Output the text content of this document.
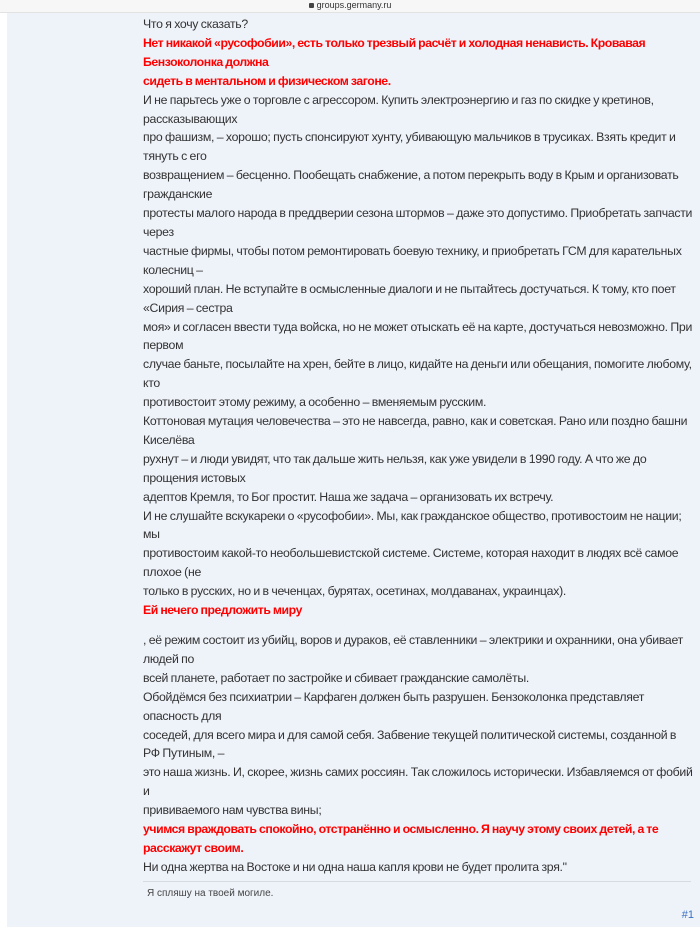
groups.germany.ru
Что я хочу сказать?
Нет никакой «русофобии», есть только трезвый расчёт и холодная ненависть. Кровавая Бензоколонка должна
сидеть в ментальном и физическом загоне.
И не парьтесь уже о торговле с агрессором. Купить электроэнергию и газ по скидке у кретинов, рассказывающих
про фашизм, – хорошо; пусть спонсируют хунту, убивающую мальчиков в трусиках. Взять кредит и тянуть с его
возвращением – бесценно. Пообещать снабжение, а потом перекрыть воду в Крым и организовать гражданские
протесты малого народа в преддверии сезона штормов – даже это допустимо. Приобретать запчасти через
частные фирмы, чтобы потом ремонтировать боевую технику, и приобретать ГСМ для карательных колесниц –
хороший план. Не вступайте в осмысленные диалоги и не пытайтесь достучаться. К тому, кто поет «Сирия – сестра
моя» и согласен ввести туда войска, но не может отыскать её на карте, достучаться невозможно. При первом
случае баньте, посылайте на хрен, бейте в лицо, кидайте на деньги или обещания, помогите любому, кто
противостоит этому режиму, а особенно – вменяемым русским.
Коттоновая мутация человечества – это не навсегда, равно, как и советская. Рано или поздно башни Киселёва
рухнут – и люди увидят, что так дальше жить нельзя, как уже увидели в 1990 году. А что же до прощения истовых
адептов Кремля, то Бог простит. Наша же задача – организовать их встречу.
И не слушайте вскукареки о «русофобии». Мы, как гражданское общество, противостоим не нации; мы
противостоим какой-то необольшевистской системе. Системе, которая находит в людях всё самое плохое (не
только в русских, но и в чеченцах, бурятах, осетинах, молдаванах, украинцах).
Ей нечего предложить миру
, её режим состоит из убийц, воров и дураков, её ставленники – электрики и охранники, она убивает людей по
всей планете, работает по застройке и сбивает гражданские самолёты.
Обойдёмся без психиатрии – Карфаген должен быть разрушен. Бензоколонка представляет опасность для
соседей, для всего мира и для самой себя. Забвение текущей политической системы, созданной в РФ Путиным, –
это наша жизнь. И, скорее, жизнь самих россиян. Так сложилось исторически. Избавляемся от фобий и
прививаемого нам чувства вины;
учимся враждовать спокойно, отстранённо и осмысленно. Я научу этому своих детей, а те расскажут своим.
Ни одна жертва на Востоке и ни одна наша капля крови не будет пролита зря."
Я спляшу на твоей могиле.
#1
